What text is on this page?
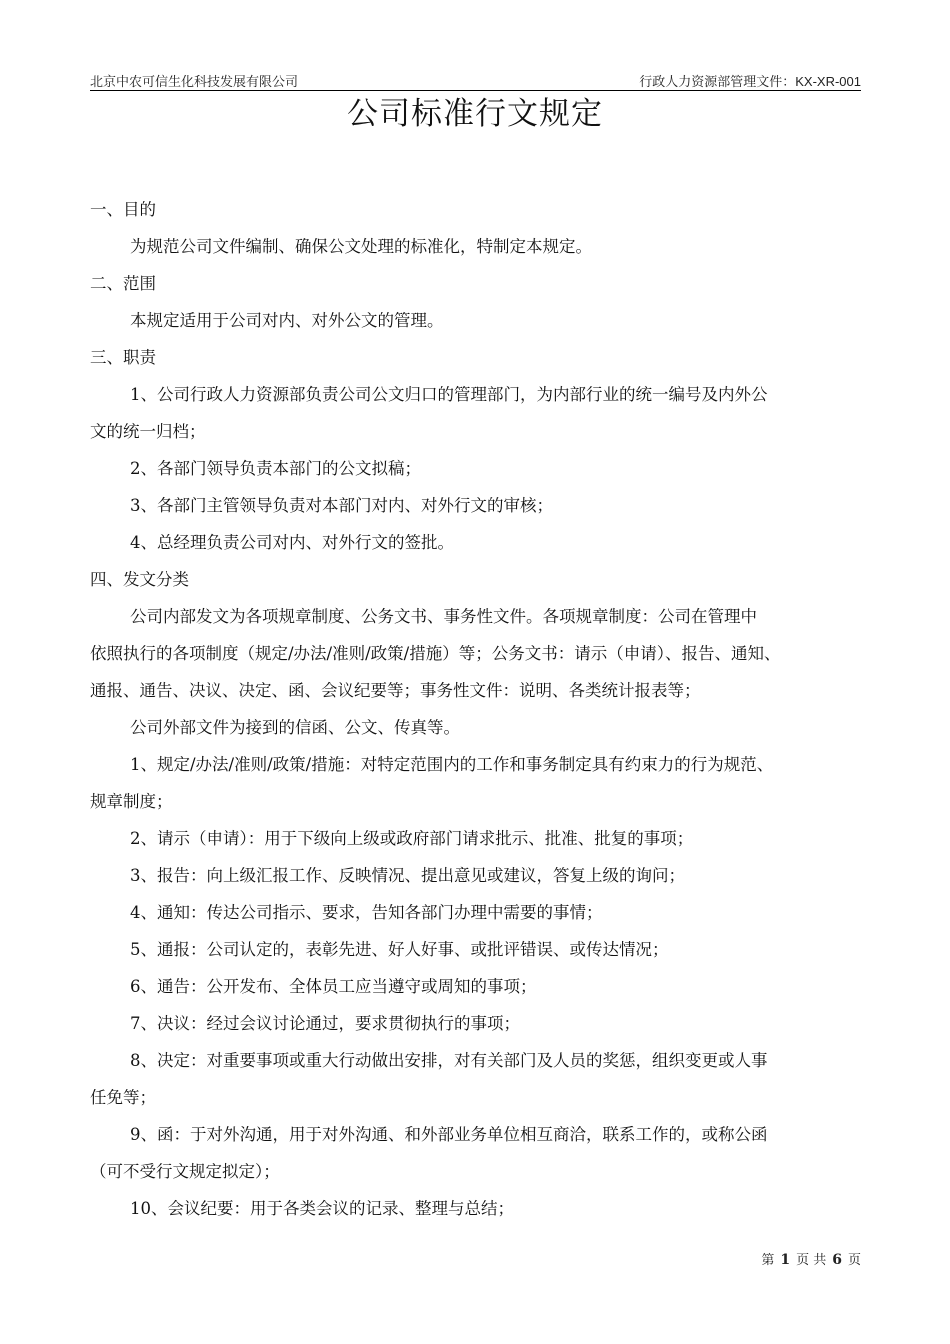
北京中农可信生化科技发展有限公司	行政人力资源部管理文件：KX-XR-001
公司标准行文规定
一、目的
为规范公司文件编制、确保公文处理的标准化，特制定本规定。
二、范围
本规定适用于公司对内、对外公文的管理。
三、职责
1、公司行政人力资源部负责公司公文归口的管理部门，为内部行业的统一编号及内外公
文的统一归档；
2、各部门领导负责本部门的公文拟稿；
3、各部门主管领导负责对本部门对内、对外行文的审核；
4、总经理负责公司对内、对外行文的签批。
四、发文分类
公司内部发文为各项规章制度、公务文书、事务性文件。各项规章制度：公司在管理中
依照执行的各项制度（规定/办法/准则/政策/措施）等；公务文书：请示（申请）、报告、通知、
通报、通告、决议、决定、函、会议纪要等；事务性文件：说明、各类统计报表等；
公司外部文件为接到的信函、公文、传真等。
1、规定/办法/准则/政策/措施：对特定范围内的工作和事务制定具有约束力的行为规范、
规章制度；
2、请示（申请）：用于下级向上级或政府部门请求批示、批准、批复的事项；
3、报告：向上级汇报工作、反映情况、提出意见或建议，答复上级的询问；
4、通知：传达公司指示、要求，告知各部门办理中需要的事情；
5、通报：公司认定的，表彰先进、好人好事、或批评错误、或传达情况；
6、通告：公开发布、全体员工应当遵守或周知的事项；
7、决议：经过会议讨论通过，要求贯彻执行的事项；
8、决定：对重要事项或重大行动做出安排，对有关部门及人员的奖惩，组织变更或人事
任免等；
9、函：于对外沟通，用于对外沟通、和外部业务单位相互商洽，联系工作的，或称公函
（可不受行文规定拟定）；
10、会议纪要：用于各类会议的记录、整理与总结；
第 1 页 共 6 页
